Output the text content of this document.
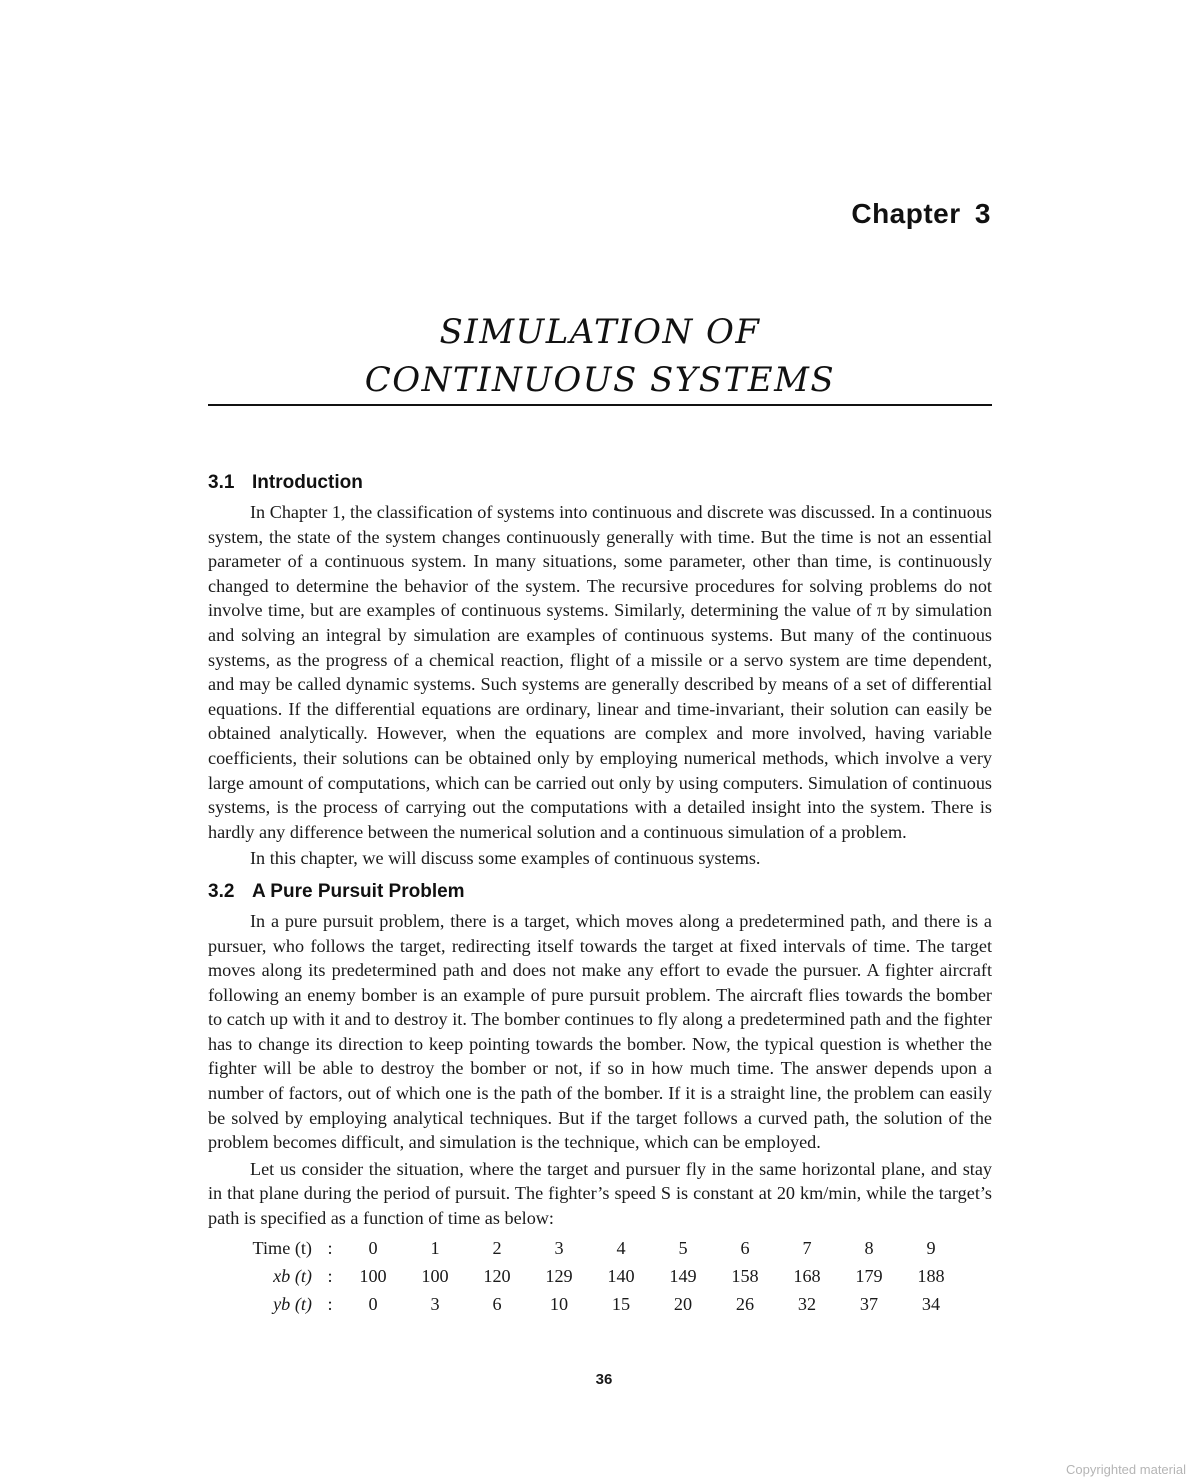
Chapter 3
SIMULATION OF
CONTINUOUS SYSTEMS
3.1 Introduction

In Chapter 1, the classification of systems into continuous and discrete was discussed. In a continuous system, the state of the system changes continuously generally with time. But the time is not an essential parameter of a continuous system. In many situations, some parameter, other than time, is continuously changed to determine the behavior of the system. The recursive procedures for solving problems do not involve time, but are examples of continuous systems. Similarly, determining the value of π by simulation and solving an integral by simulation are examples of continuous systems. But many of the continuous systems, as the progress of a chemical reaction, flight of a missile or a servo system are time dependent, and may be called dynamic systems. Such systems are generally described by means of a set of differential equations. If the differential equations are ordinary, linear and time-invariant, their solution can easily be obtained analytically. However, when the equations are complex and more involved, having variable coefficients, their solutions can be obtained only by employing numerical methods, which involve a very large amount of computations, which can be carried out only by using computers. Simulation of continuous systems, is the process of carrying out the computations with a detailed insight into the system. There is hardly any difference between the numerical solution and a continuous simulation of a problem.

In this chapter, we will discuss some examples of continuous systems.

3.2 A Pure Pursuit Problem

In a pure pursuit problem, there is a target, which moves along a predetermined path, and there is a pursuer, who follows the target, redirecting itself towards the target at fixed intervals of time. The target moves along its predetermined path and does not make any effort to evade the pursuer. A fighter aircraft following an enemy bomber is an example of pure pursuit problem. The aircraft flies towards the bomber to catch up with it and to destroy it. The bomber continues to fly along a predetermined path and the fighter has to change its direction to keep pointing towards the bomber. Now, the typical question is whether the fighter will be able to destroy the bomber or not, if so in how much time. The answer depends upon a number of factors, out of which one is the path of the bomber. If it is a straight line, the problem can easily be solved by employing analytical techniques. But if the target follows a curved path, the solution of the problem becomes difficult, and simulation is the technique, which can be employed.

Let us consider the situation, where the target and pursuer fly in the same horizontal plane, and stay in that plane during the period of pursuit. The fighter’s speed S is constant at 20 km/min, while the target’s path is specified as a function of time as below:

Time (t)	:	0	1	2	3	4	5	6	7	8	9
xb (t)	:	100	100	120	129	140	149	158	168	179	188
yb (t)	:	0	3	6	10	15	20	26	32	37	34
36
Copyrighted material
